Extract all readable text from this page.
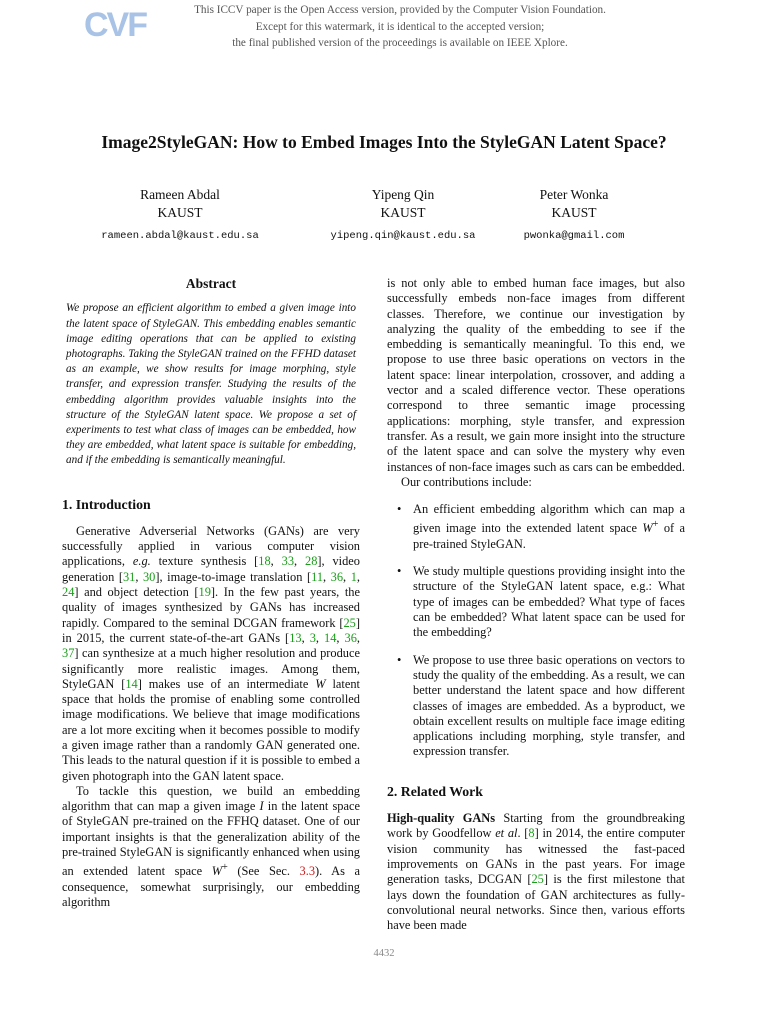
CVF	This ICCV paper is the Open Access version, provided by the Computer Vision Foundation.
Except for this watermark, it is identical to the accepted version;
the final published version of the proceedings is available on IEEE Xplore.
Image2StyleGAN: How to Embed Images Into the StyleGAN Latent Space?
Rameen Abdal
KAUST
rameen.abdal@kaust.edu.sa
Yipeng Qin
KAUST
yipeng.qin@kaust.edu.sa
Peter Wonka
KAUST
pwonka@gmail.com
Abstract

We propose an efficient algorithm to embed a given image into the latent space of StyleGAN. This embedding enables semantic image editing operations that can be applied to existing photographs. Taking the StyleGAN trained on the FFHD dataset as an example, we show results for image morphing, style transfer, and expression transfer. Studying the results of the embedding algorithm provides valuable insights into the structure of the StyleGAN latent space. We propose a set of experiments to test what class of images can be embedded, how they are embedded, what latent space is suitable for embedding, and if the embedding is semantically meaningful.

1. Introduction

Generative Adverserial Networks (GANs) are very successfully applied in various computer vision applications, e.g. texture synthesis [18, 33, 28], video generation [31, 30], image-to-image translation [11, 36, 1, 24] and object detection [19]. In the few past years, the quality of images synthesized by GANs has increased rapidly. Compared to the seminal DCGAN framework [25] in 2015, the current state-of-the-art GANs [13, 3, 14, 36, 37] can synthesize at a much higher resolution and produce significantly more realistic images. Among them, StyleGAN [14] makes use of an intermediate W latent space that holds the promise of enabling some controlled image modifications. We believe that image modifications are a lot more exciting when it becomes possible to modify a given image rather than a randomly GAN generated one. This leads to the natural question if it is possible to embed a given photograph into the GAN latent space.

To tackle this question, we build an embedding algorithm that can map a given image I in the latent space of StyleGAN pre-trained on the FFHQ dataset. One of our important insights is that the generalization ability of the pre-trained StyleGAN is significantly enhanced when using an extended latent space W+ (See Sec. 3.3). As a consequence, somewhat surprisingly, our embedding algorithm

is not only able to embed human face images, but also successfully embeds non-face images from different classes. Therefore, we continue our investigation by analyzing the quality of the embedding to see if the embedding is semantically meaningful. To this end, we propose to use three basic operations on vectors in the latent space: linear interpolation, crossover, and adding a vector and a scaled difference vector. These operations correspond to three semantic image processing applications: morphing, style transfer, and expression transfer. As a result, we gain more insight into the structure of the latent space and can solve the mystery why even instances of non-face images such as cars can be embedded.

Our contributions include:

• An efficient embedding algorithm which can map a given image into the extended latent space W+ of a pre-trained StyleGAN.
• We study multiple questions providing insight into the structure of the StyleGAN latent space, e.g.: What type of images can be embedded? What type of faces can be embedded? What latent space can be used for the embedding?
• We propose to use three basic operations on vectors to study the quality of the embedding. As a result, we can better understand the latent space and how different classes of images are embedded. As a byproduct, we obtain excellent results on multiple face image editing applications including morphing, style transfer, and expression transfer.
2. Related Work

High-quality GANs Starting from the groundbreaking work by Goodfellow et al. [8] in 2014, the entire computer vision community has witnessed the fast-paced improvements on GANs in the past years. For image generation tasks, DCGAN [25] is the first milestone that lays down the foundation of GAN architectures as fully-convolutional neural networks. Since then, various efforts have been made

4432
